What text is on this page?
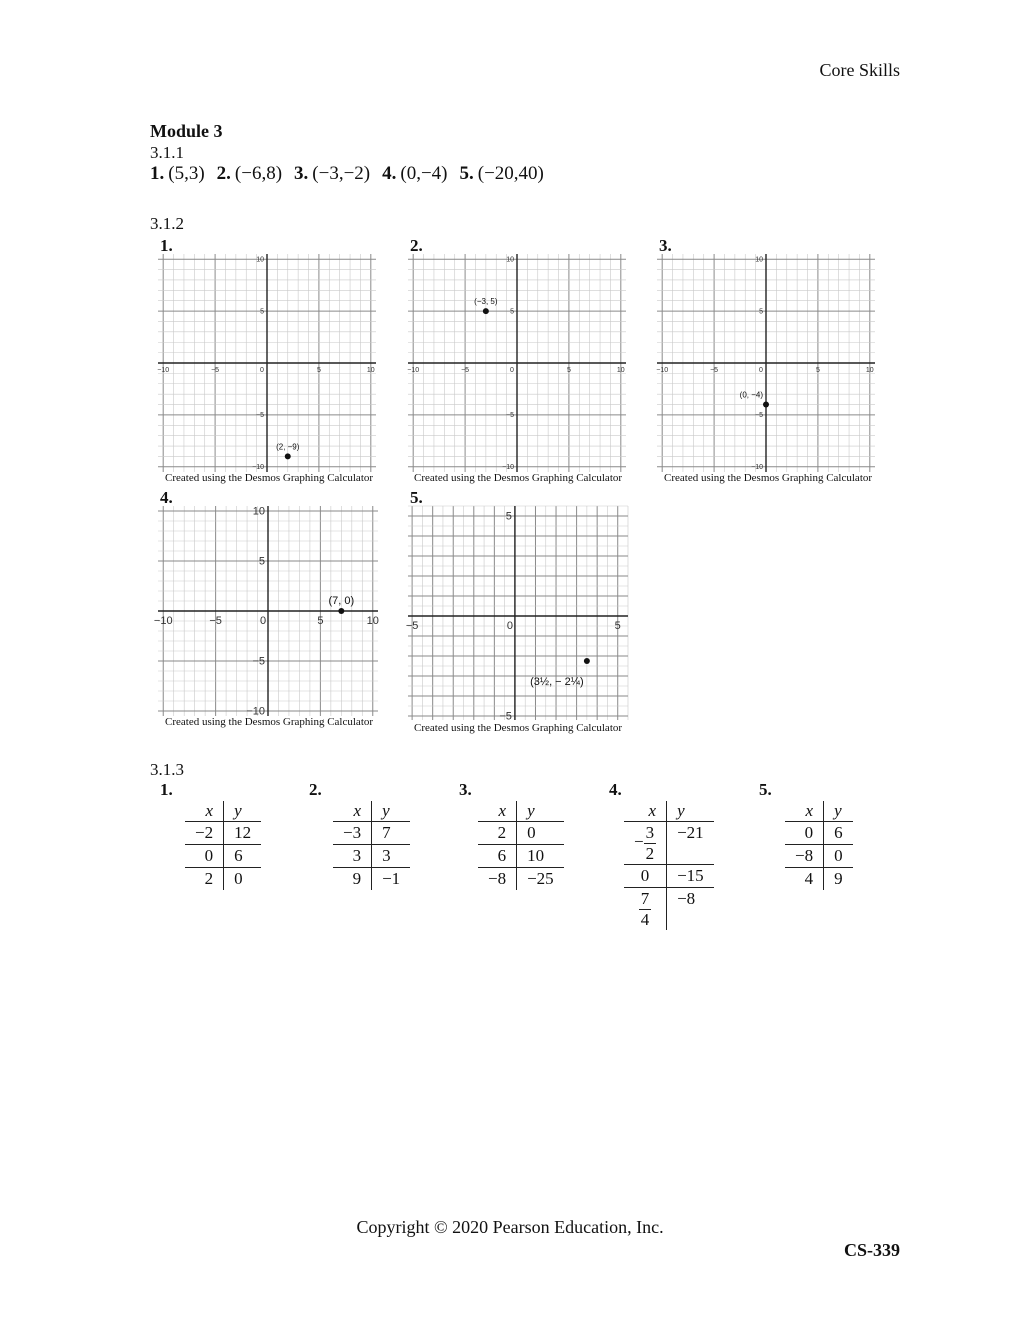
Core Skills
Module 3
3.1.1
1. (5,3) 2. (−6,8) 3. (−3,−2) 4. (0,−4) 5. (−20,40)
3.1.2
1.
−10
−10
−5
−5
0	5
5
10
10
(2, −9)
Created using the Desmos Graphing Calculator
2.
−10
−10
−5
−5
0	5
5
10
10
(−3, 5)
Created using the Desmos Graphing Calculator
3.
−10
−10
−5
−5
0	5
5
10
10
(0, −4)
Created using the Desmos Graphing Calculator
4.
−10
−10
−5
−5
0	5
5
10
10
(7, 0)
Created using the Desmos Graphing Calculator
5.
−5
−5
0	5
5
(3½, − 2¼)
Created using the Desmos Graphing Calculator
3.1.3
1.
x	y
−2	12
0	6
2	0
2.
x	y
−3	7
3	3
9	−1
3.
x	y
2	0
6	10
−8	−25
4.
x	y
− $\frac{3}{2}$	−21
0	−15

$\frac{7}{4}$	−8
5.
x	y
0	6
−8	0
4	9
Copyright © 2020 Pearson Education, Inc.
CS-339
